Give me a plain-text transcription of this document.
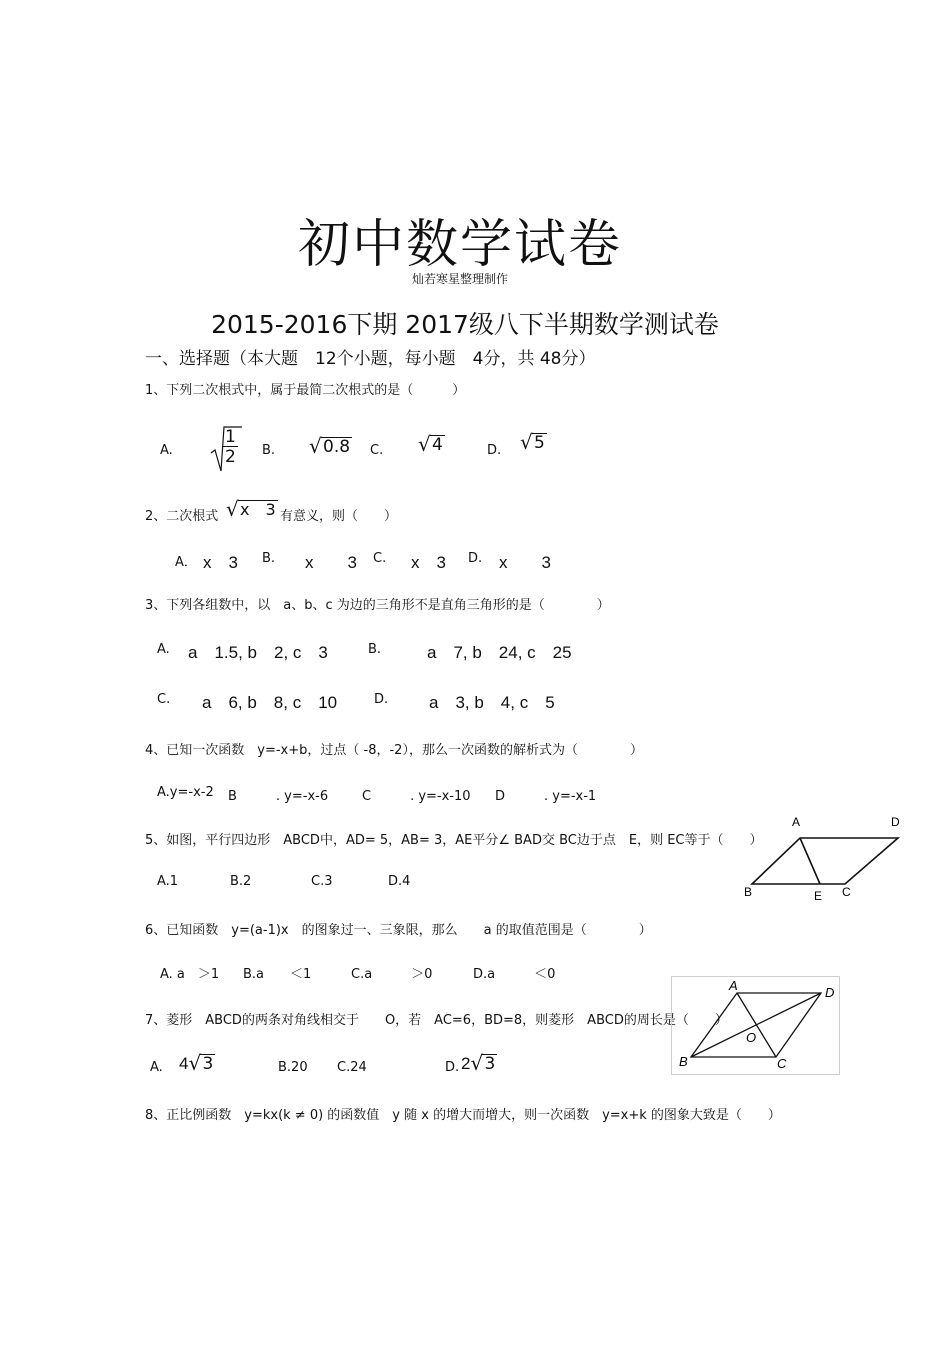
初中数学试卷
灿若寒星整理制作
2015-2016下期 2017级八下半期数学测试卷
一、选择题（本大题　12个小题，每小题　4分，共 48分）
1、下列二次根式中，属于最简二次根式的是（　　　）
A.	$\frac{1}{2} B$. √ 0.8 C. √ 4	D. √ 5
2、二次根式 √ x　3 有意义，则（　　）
A． x　3 B. x　　3 C. x　3 D. x　　3
3、下列各组数中，以　a、b、c 为边的三角形不是直角三角形的是（　　　　）
A. a　1.5, b　2, c　3	B.	a　7, b　24, c　25
C. a　6, b　8, c　10	D. a　3, b　4, c　5
4、已知一次函数　y=-x+b，过点（ -8，-2），那么一次函数的解析式为（　　　　）
A.y=-x-2 B　　　. y=-x-6	C　　　. y=-x-10 D　　　. y=-x-1
5、如图，平行四边形　ABCD中，AD= 5，AB= 3，AE平分∠ BAD交 BC边于点　E，则 EC等于（　　）
A.1	B.2	C.3	D.4
A	D
B	E C
6、已知函数　y=(a-1)x　的图象过一、三象限，那么　　a 的取值范围是（　　　　）
A. a　＞1 B.a　　＜1	C.a　　　＞0	D.a　　　＜0
7、菱形　ABCD的两条对角线相交于　　O，若　AC=6，BD=8，则菱形　ABCD的周长是（　　）
A. 4 √ 3	B.20 C.24	D. 2 √ 3
A	D
B	C
O
8、正比例函数　y=kx(k ≠ 0) 的函数值　y 随 x 的增大而增大，则一次函数　y=x+k 的图象大致是（　　）
